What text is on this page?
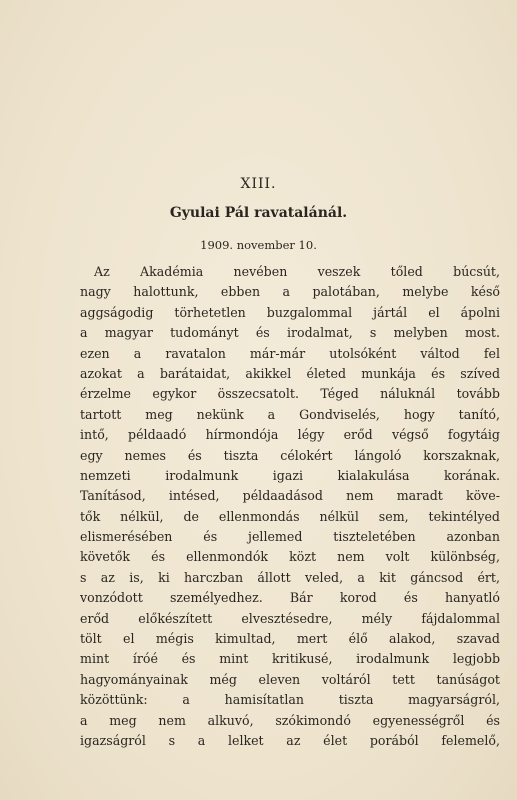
XIII.
Gyulai Pál ravatalánál.
1909. november 10.
Az Akadémia nevében veszek tőled búcsút,
nagy halottunk, ebben a palotában, melybe késő
aggságodig törhetetlen buzgalommal jártál el ápolni
a magyar tudományt és irodalmat, s melyben most.
ezen a ravatalon már-már utolsóként váltod fel
azokat a barátaidat, akikkel életed munkája és szíved
érzelme egykor összecsatolt. Téged náluknál tovább
tartott meg nekünk a Gondviselés, hogy tanító,
intő, példaadó hírmondója légy erőd végső fogytáig
egy nemes és tiszta célokért lángoló korszaknak,
nemzeti irodalmunk igazi kialakulása korának.
Tanításod, intésed, példaadásod nem maradt köve-
tők nélkül, de ellenmondás nélkül sem, tekintélyed
elismerésében és jellemed tiszteletében azonban
követők és ellenmondók közt nem volt különbség,
s az is, ki harczban állott veled, a kit gáncsod ért,
vonzódott személyedhez. Bár korod és hanyatló
erőd előkészített elvesztésedre, mély fájdalommal
tölt el mégis kimultad, mert élő alakod, szavad
mint íróé és mint kritikusé, irodalmunk legjobb
hagyományainak még eleven voltáról tett tanúságot
közöttünk: a hamisítatlan tiszta magyarságról,
a meg nem alkuvó, szókimondó egyenességről és
igazságról s a lelket az élet porából felemelő,
